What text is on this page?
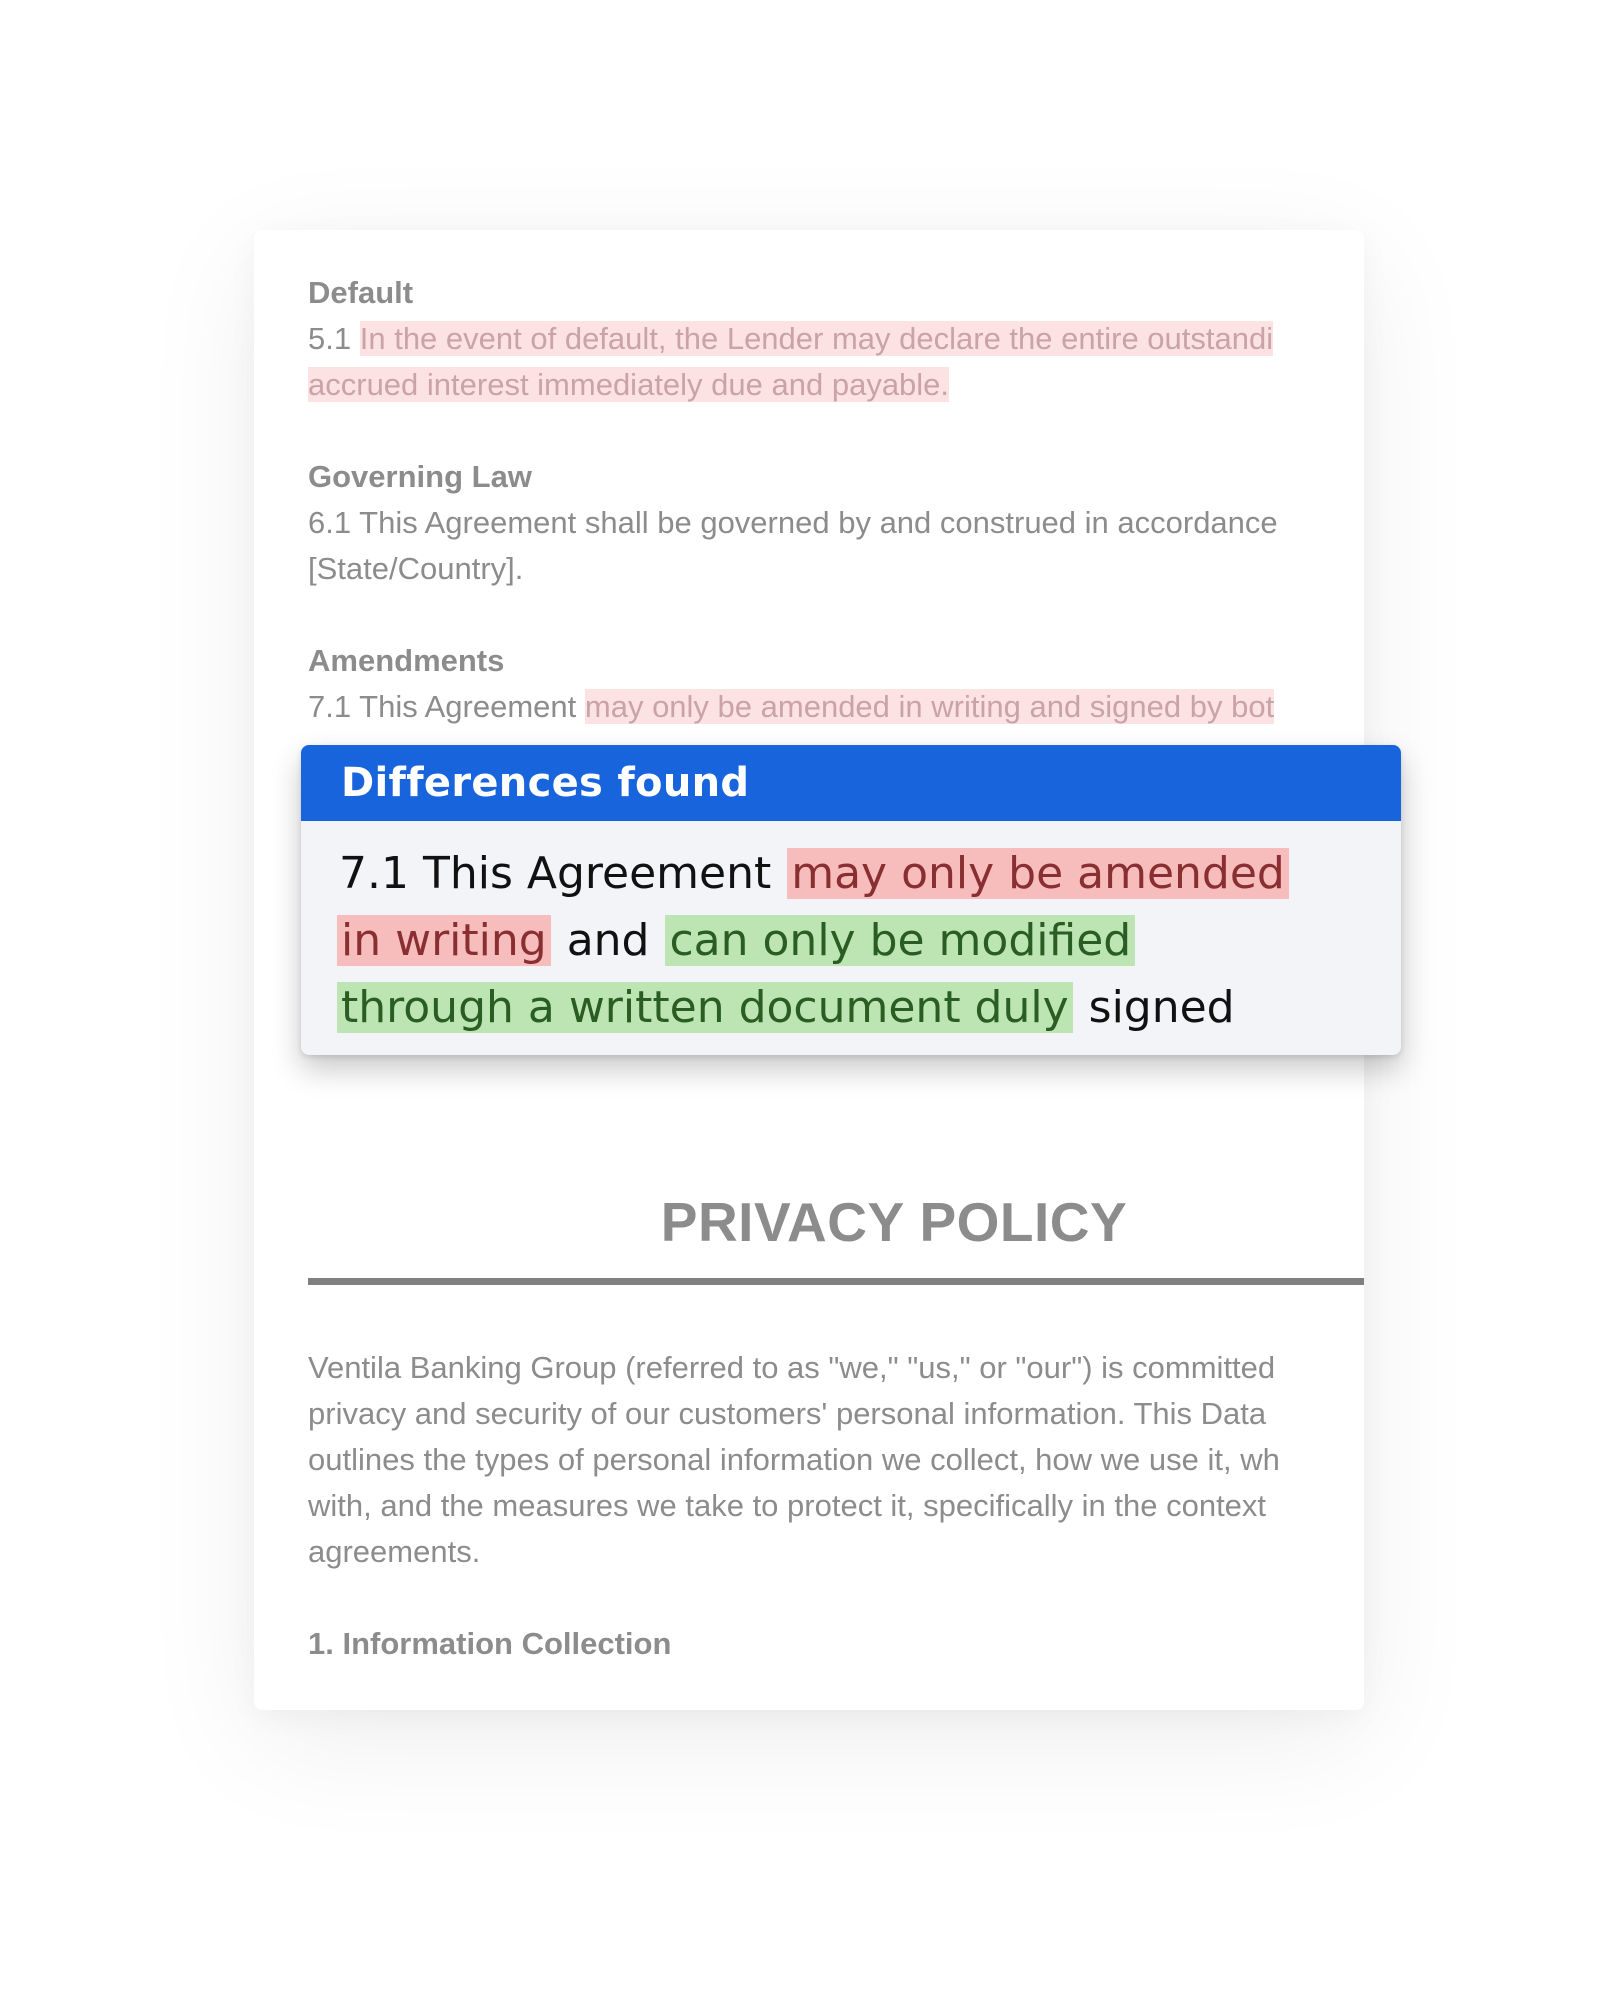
Default
5.1 In the event of default, the Lender may declare the entire outstandi
accrued interest immediately due and payable.
Governing Law
6.1 This Agreement shall be governed by and construed in accordance
[State/Country].
Amendments
7.1 This Agreement may only be amended in writing and signed by bot
PRIVACY POLICY
Ventila Banking Group (referred to as "we," "us," or "our") is committed
privacy and security of our customers' personal information. This Data
outlines the types of personal information we collect, how we use it, wh
with, and the measures we take to protect it, specifically in the context
agreements.
1. Information Collection
Differences found
7.1 This Agreement may only be amended
in writing and can only be modified
through a written document duly signed
